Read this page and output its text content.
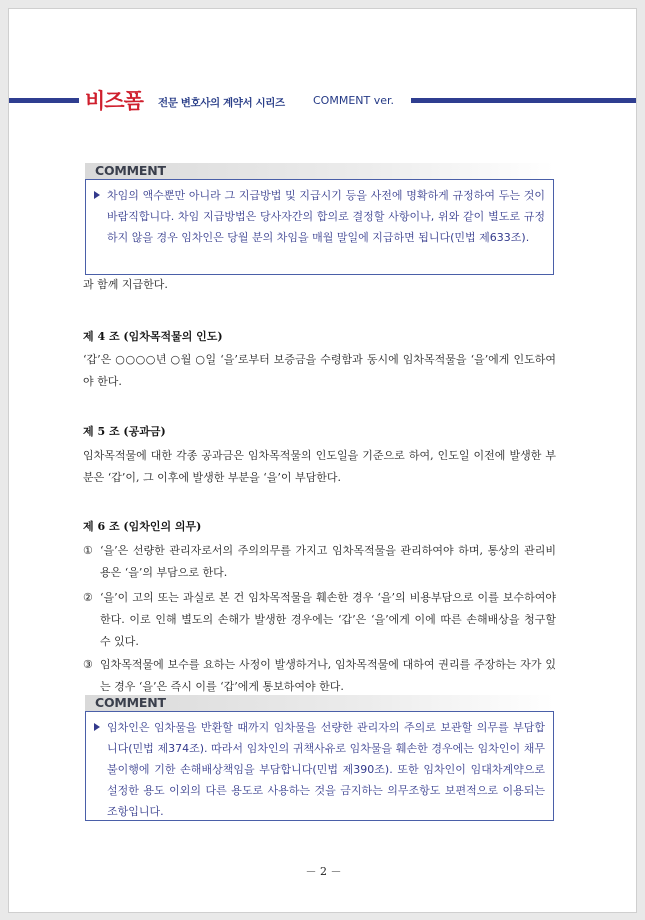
비즈폼 전문 변호사의 계약서 시리즈	COMMENT ver.
COMMENT
차임의 액수뿐만 아니라 그 지급방법 및 지급시기 등을 사전에 명확하게 규정하여 두는 것이 바람직합니다. 차임 지급방법은 당사자간의 합의로 결정할 사항이나, 위와 같이 별도로 규정하지 않을 경우 임차인은 당월 분의 차임을 매월 말일에 지급하면 됩니다(민법 제633조).
과 함께 지급한다.
제 4 조 (임차목적물의 인도)
‘갑’은 ○○○○년 ○월 ○일 ‘을’로부터 보증금을 수령함과 동시에 임차목적물을 ‘을’에게 인도하여야 한다.
제 5 조 (공과금)
임차목적물에 대한 각종 공과금은 임차목적물의 인도일을 기준으로 하여, 인도일 이전에 발생한 부분은 ‘갑’이, 그 이후에 발생한 부분을 ‘을’이 부담한다.
제 6 조 (임차인의 의무)
① ‘을’은 선량한 관리자로서의 주의의무를 가지고 임차목적물을 관리하여야 하며, 통상의 관리비용은 ‘을’의 부담으로 한다.
② ‘을’이 고의 또는 과실로 본 건 임차목적물을 훼손한 경우 ‘을’의 비용부담으로 이를 보수하여야 한다. 이로 인해 별도의 손해가 발생한 경우에는 ‘갑’은 ‘을’에게 이에 따른 손해배상을 청구할 수 있다.
③ 임차목적물에 보수를 요하는 사정이 발생하거나, 임차목적물에 대하여 권리를 주장하는 자가 있는 경우 ‘을’은 즉시 이를 ‘갑’에게 통보하여야 한다.
COMMENT
임차인은 임차물을 반환할 때까지 임차물을 선량한 관리자의 주의로 보관할 의무를 부담합니다(민법 제374조). 따라서 임차인의 귀책사유로 임차물을 훼손한 경우에는 임차인이 채무불이행에 기한 손해배상책임을 부담합니다(민법 제390조). 또한 임차인이 임대차계약으로 설정한 용도 이외의 다른 용도로 사용하는 것을 금지하는 의무조항도 보편적으로 이용되는 조항입니다.
－ 2 －
